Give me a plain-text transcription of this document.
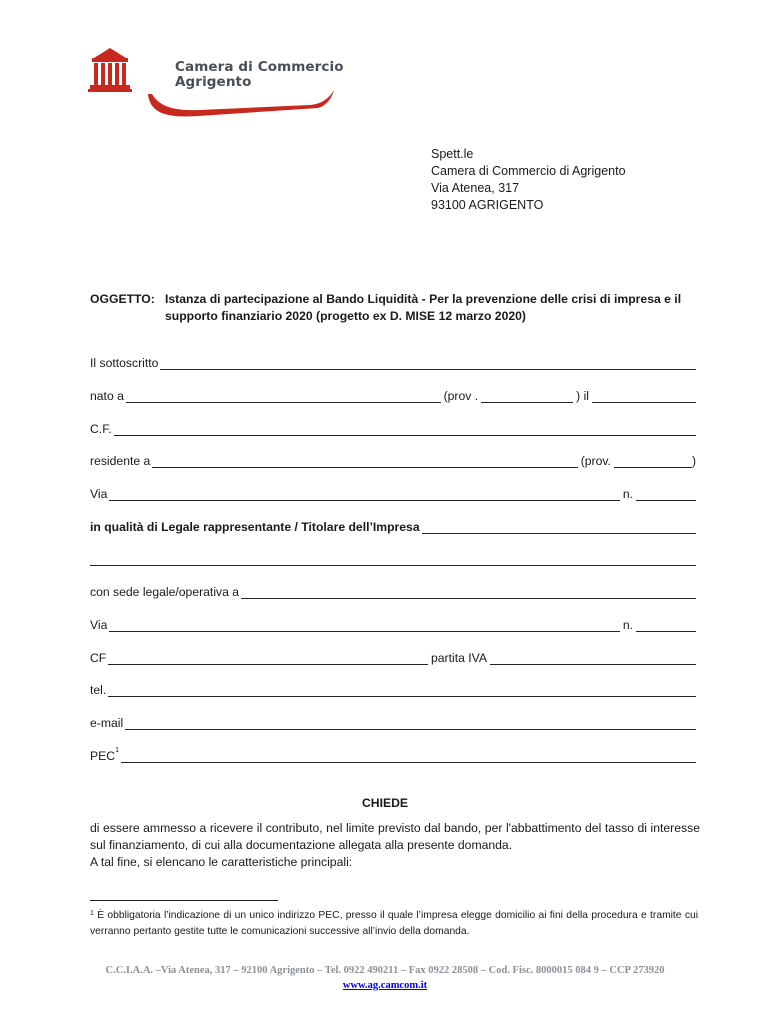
Camera di Commercio
Agrigento
Spett.le
Camera di Commercio di Agrigento
Via Atenea, 317
93100 AGRIGENTO
OGGETTO: Istanza di partecipazione al Bando Liquidità - Per la prevenzione delle crisi di impresa e il supporto finanziario 2020 (progetto ex D. MISE 12 marzo 2020)
Il sottoscritto
nato a	(prov .	) il
C.F.
residente a	(prov.	)
Via	n.
in qualità di Legale rappresentante / Titolare dell’Impresa
con sede legale/operativa a
Via	n.
CF	partita IVA
tel.
e-mail
PEC$^1$
CHIEDE
di essere ammesso a ricevere il contributo, nel limite previsto dal bando, per l'abbattimento del tasso di interesse sul finanziamento, di cui alla documentazione allegata alla presente domanda.
A tal fine, si elencano le caratteristiche principali:
$^1$ È obbligatoria l’indicazione di un unico indirizzo PEC, presso il quale l’impresa elegge domicilio ai fini della procedura e tramite cui verranno pertanto gestite tutte le comunicazioni successive all’invio della domanda.
C.C.I.A.A. –Via Atenea, 317 – 92100 Agrigento – Tel. 0922 490211 – Fax 0922 28508 – Cod. Fisc. 8000015 084 9 – CCP 273920
www.ag.camcom.it
